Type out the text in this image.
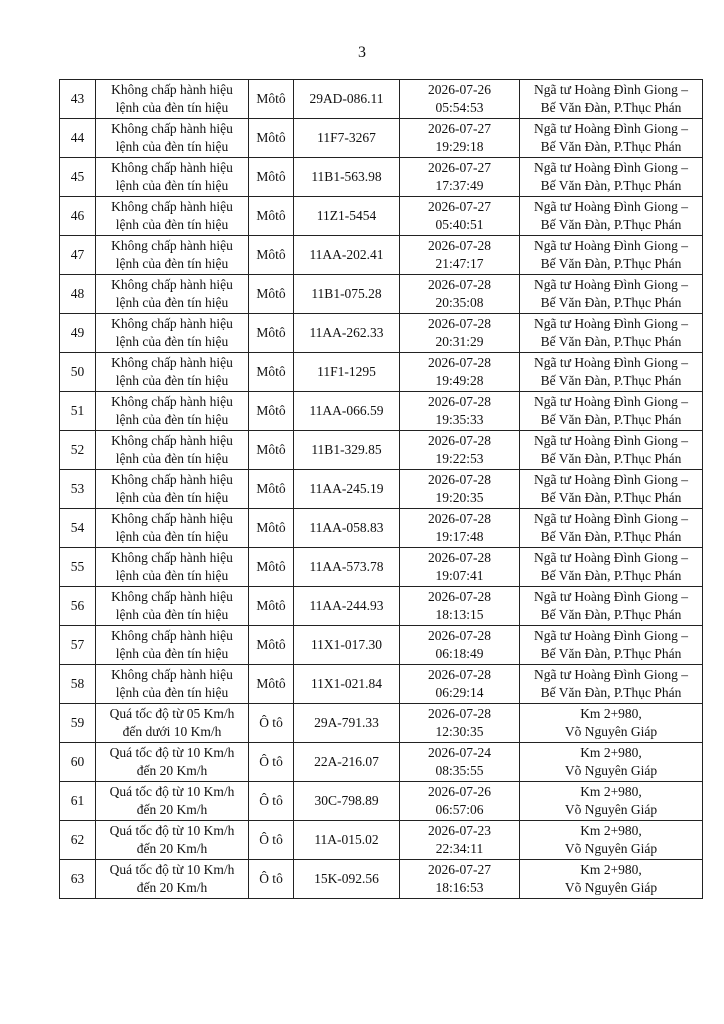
3
43	Không chấp hành hiệu
lệnh của đèn tín hiệu	Môtô	29AD-086.11	2026-07-26
05:54:53	Ngã tư Hoàng Đình Giong –
Bế Văn Đàn, P.Thục Phán

44	Không chấp hành hiệu
lệnh của đèn tín hiệu	Môtô	11F7-3267	2026-07-27
19:29:18	Ngã tư Hoàng Đình Giong –
Bế Văn Đàn, P.Thục Phán

45	Không chấp hành hiệu
lệnh của đèn tín hiệu	Môtô	11B1-563.98	2026-07-27
17:37:49	Ngã tư Hoàng Đình Giong –
Bế Văn Đàn, P.Thục Phán

46	Không chấp hành hiệu
lệnh của đèn tín hiệu	Môtô	11Z1-5454	2026-07-27
05:40:51	Ngã tư Hoàng Đình Giong –
Bế Văn Đàn, P.Thục Phán

47	Không chấp hành hiệu
lệnh của đèn tín hiệu	Môtô	11AA-202.41	2026-07-28
21:47:17	Ngã tư Hoàng Đình Giong –
Bế Văn Đàn, P.Thục Phán

48	Không chấp hành hiệu
lệnh của đèn tín hiệu	Môtô	11B1-075.28	2026-07-28
20:35:08	Ngã tư Hoàng Đình Giong –
Bế Văn Đàn, P.Thục Phán

49	Không chấp hành hiệu
lệnh của đèn tín hiệu	Môtô	11AA-262.33	2026-07-28
20:31:29	Ngã tư Hoàng Đình Giong –
Bế Văn Đàn, P.Thục Phán

50	Không chấp hành hiệu
lệnh của đèn tín hiệu	Môtô	11F1-1295	2026-07-28
19:49:28	Ngã tư Hoàng Đình Giong –
Bế Văn Đàn, P.Thục Phán

51	Không chấp hành hiệu
lệnh của đèn tín hiệu	Môtô	11AA-066.59	2026-07-28
19:35:33	Ngã tư Hoàng Đình Giong –
Bế Văn Đàn, P.Thục Phán

52	Không chấp hành hiệu
lệnh của đèn tín hiệu	Môtô	11B1-329.85	2026-07-28
19:22:53	Ngã tư Hoàng Đình Giong –
Bế Văn Đàn, P.Thục Phán

53	Không chấp hành hiệu
lệnh của đèn tín hiệu	Môtô	11AA-245.19	2026-07-28
19:20:35	Ngã tư Hoàng Đình Giong –
Bế Văn Đàn, P.Thục Phán

54	Không chấp hành hiệu
lệnh của đèn tín hiệu	Môtô	11AA-058.83	2026-07-28
19:17:48	Ngã tư Hoàng Đình Giong –
Bế Văn Đàn, P.Thục Phán

55	Không chấp hành hiệu
lệnh của đèn tín hiệu	Môtô	11AA-573.78	2026-07-28
19:07:41	Ngã tư Hoàng Đình Giong –
Bế Văn Đàn, P.Thục Phán

56	Không chấp hành hiệu
lệnh của đèn tín hiệu	Môtô	11AA-244.93	2026-07-28
18:13:15	Ngã tư Hoàng Đình Giong –
Bế Văn Đàn, P.Thục Phán

57	Không chấp hành hiệu
lệnh của đèn tín hiệu	Môtô	11X1-017.30	2026-07-28
06:18:49	Ngã tư Hoàng Đình Giong –
Bế Văn Đàn, P.Thục Phán

58	Không chấp hành hiệu
lệnh của đèn tín hiệu	Môtô	11X1-021.84	2026-07-28
06:29:14	Ngã tư Hoàng Đình Giong –
Bế Văn Đàn, P.Thục Phán

59	Quá tốc độ từ 05 Km/h
đến dưới 10 Km/h	Ô tô	29A-791.33	2026-07-28
12:30:35	Km 2+980,
Võ Nguyên Giáp

60	Quá tốc độ từ 10 Km/h
đến 20 Km/h	Ô tô	22A-216.07	2026-07-24
08:35:55	Km 2+980,
Võ Nguyên Giáp

61	Quá tốc độ từ 10 Km/h
đến 20 Km/h	Ô tô	30C-798.89	2026-07-26
06:57:06	Km 2+980,
Võ Nguyên Giáp

62	Quá tốc độ từ 10 Km/h
đến 20 Km/h	Ô tô	11A-015.02	2026-07-23
22:34:11	Km 2+980,
Võ Nguyên Giáp

63	Quá tốc độ từ 10 Km/h
đến 20 Km/h	Ô tô	15K-092.56	2026-07-27
18:16:53	Km 2+980,
Võ Nguyên Giáp
